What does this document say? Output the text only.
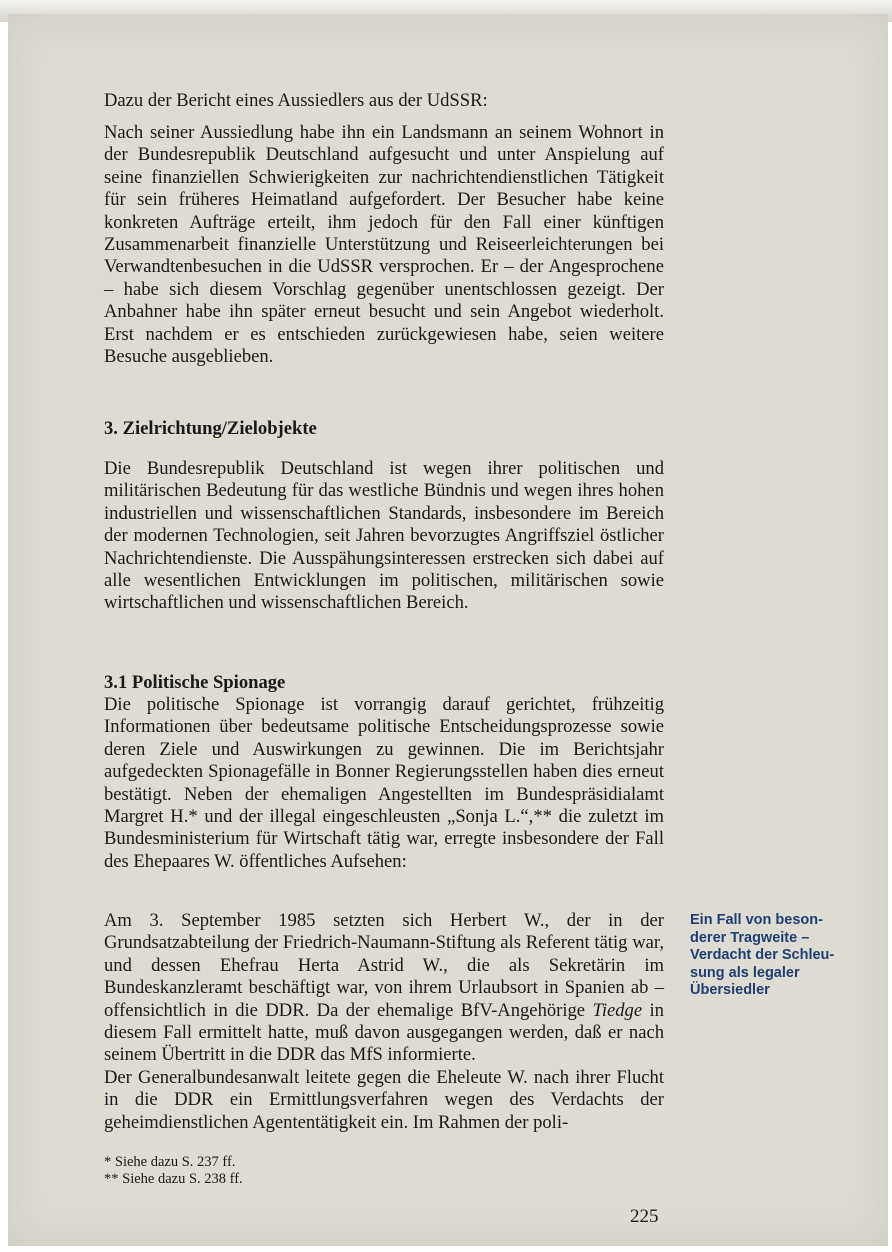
Dazu der Bericht eines Aussiedlers aus der UdSSR:

Nach seiner Aussiedlung habe ihn ein Landsmann an seinem Wohnort in der Bundesrepublik Deutschland aufgesucht und unter Anspielung auf seine finanziellen Schwierigkeiten zur nachrichtendienstlichen Tätigkeit für sein früheres Heimatland aufgefordert. Der Besucher habe keine konkreten Aufträge erteilt, ihm jedoch für den Fall einer künftigen Zusammenarbeit finanzielle Unterstützung und Reiseerleichterungen bei Verwandtenbesuchen in die UdSSR versprochen. Er – der Angesprochene – habe sich diesem Vorschlag gegenüber unentschlossen gezeigt. Der Anbahner habe ihn später erneut besucht und sein Angebot wiederholt. Erst nachdem er es entschieden zurückgewiesen habe, seien weitere Besuche ausgeblieben.

3. Zielrichtung/Zielobjekte

Die Bundesrepublik Deutschland ist wegen ihrer politischen und militärischen Bedeutung für das westliche Bündnis und wegen ihres hohen industriellen und wissenschaftlichen Standards, insbesondere im Bereich der modernen Technologien, seit Jahren bevorzugtes Angriffsziel östlicher Nachrichtendienste. Die Ausspähungsinteressen erstrecken sich dabei auf alle wesentlichen Entwicklungen im politischen, militärischen sowie wirtschaftlichen und wissenschaftlichen Bereich.

3.1 Politische Spionage

Die politische Spionage ist vorrangig darauf gerichtet, frühzeitig Informationen über bedeutsame politische Entscheidungsprozesse sowie deren Ziele und Auswirkungen zu gewinnen. Die im Berichtsjahr aufgedeckten Spionagefälle in Bonner Regierungsstellen haben dies erneut bestätigt. Neben der ehemaligen Angestellten im Bundespräsidialamt Margret H.* und der illegal eingeschleusten „Sonja L.“,** die zuletzt im Bundesministerium für Wirtschaft tätig war, erregte insbesondere der Fall des Ehepaares W. öffentliches Aufsehen:

Am 3. September 1985 setzten sich Herbert W., der in der Grundsatzabteilung der Friedrich-Naumann-Stiftung als Referent tätig war, und dessen Ehefrau Herta Astrid W., die als Sekretärin im Bundeskanzleramt beschäftigt war, von ihrem Urlaubsort in Spanien ab – offensichtlich in die DDR. Da der ehemalige BfV-Angehörige Tiedge in diesem Fall ermittelt hatte, muß davon ausgegangen werden, daß er nach seinem Übertritt in die DDR das MfS informierte.

Der Generalbundesanwalt leitete gegen die Eheleute W. nach ihrer Flucht in die DDR ein Ermittlungsverfahren wegen des Verdachts der geheimdienstlichen Agententätigkeit ein. Im Rahmen der poli-

Ein Fall von beson-
derer Tragweite –
Verdacht der Schleu-
sung als legaler
Übersiedler
* Siehe dazu S. 237 ff.
** Siehe dazu S. 238 ff.
225
